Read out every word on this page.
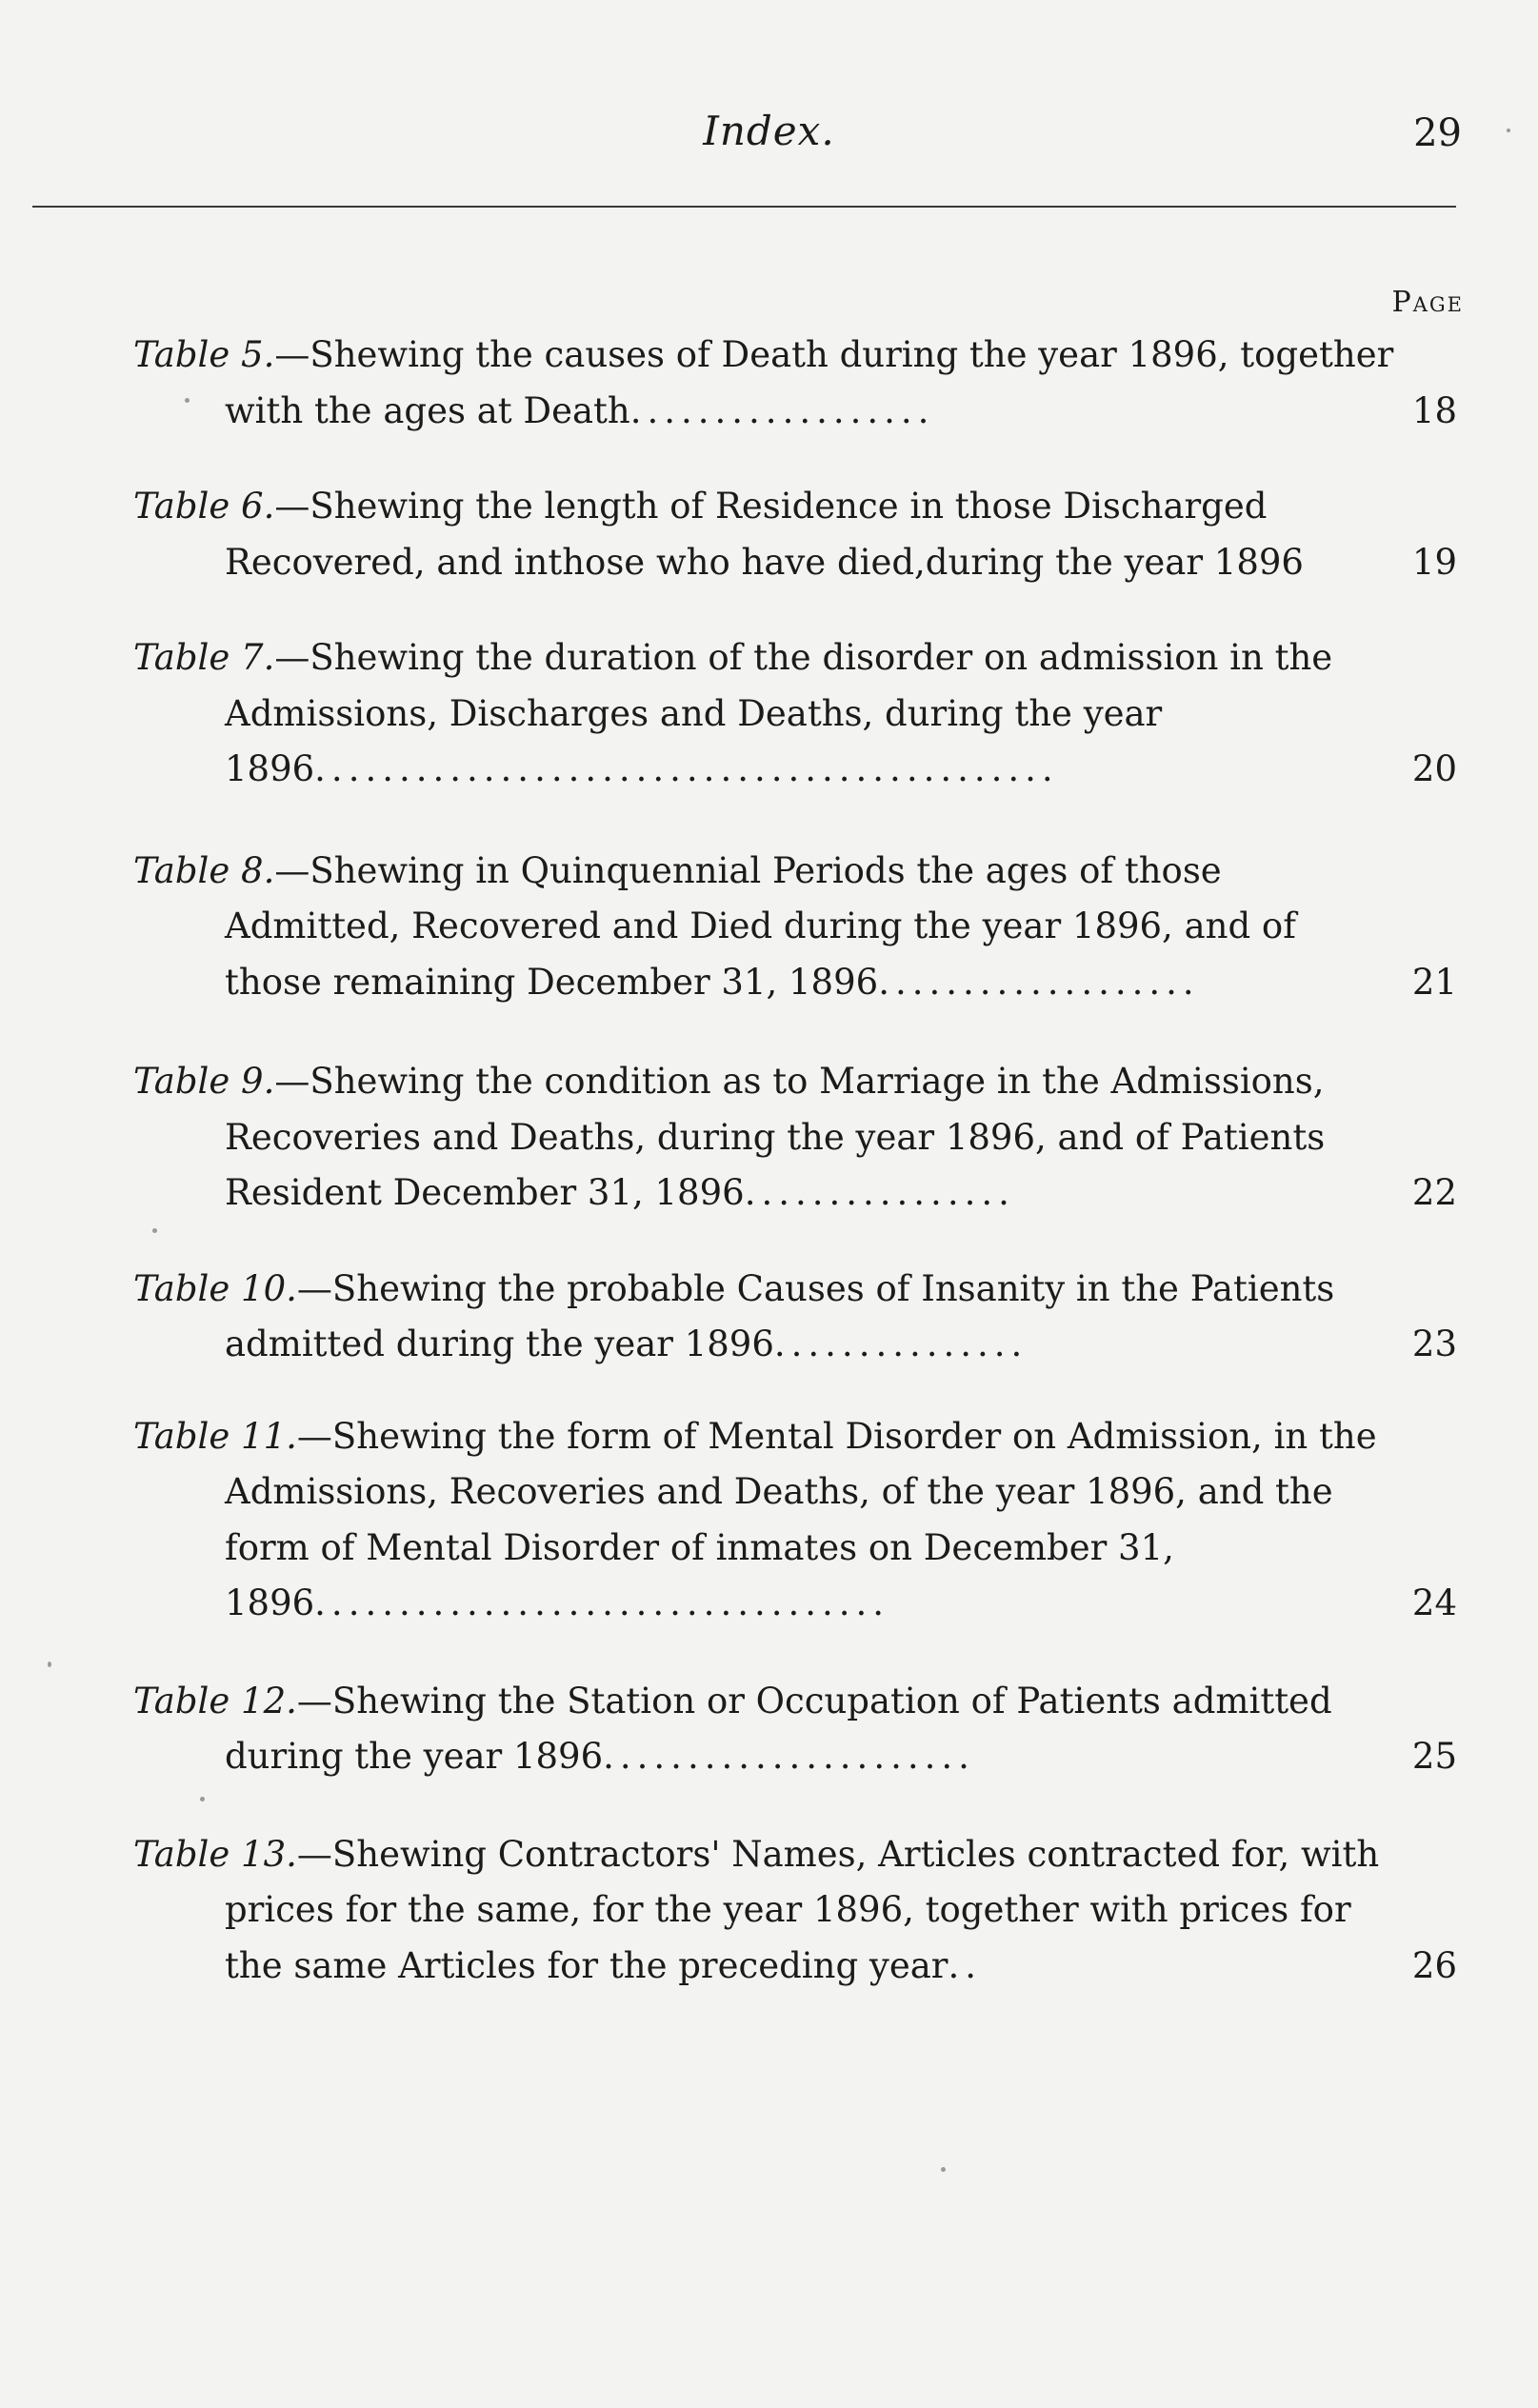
Index.	29
Page
Table 5.—Shewing the causes of Death during the year 1896, together with the ages at Death..................	18
Table 6.—Shewing the length of Residence in those Discharged Recovered, and inthose who have died,during the year 1896	19
Table 7.—Shewing the duration of the disorder on admission in the Admissions, Discharges and Deaths, during the year 1896............................................	20
Table 8.—Shewing in Quinquennial Periods the ages of those Admitted, Recovered and Died during the year 1896, and of those remaining December 31, 1896...................	21
Table 9.—Shewing the condition as to Marriage in the Admissions, Recoveries and Deaths, during the year 1896, and of Patients Resident December 31, 1896................	22
Table 10.—Shewing the probable Causes of Insanity in the Patients admitted during the year 1896...............	23
Table 11.—Shewing the form of Mental Disorder on Admission, in the Admissions, Recoveries and Deaths, of the year 1896, and the form of Mental Disorder of inmates on December 31, 1896..................................	24
Table 12.—Shewing the Station or Occupation of Patients admitted during the year 1896......................	25
Table 13.—Shewing Contractors' Names, Articles contracted for, with prices for the same, for the year 1896, together with prices for the same Articles for the preceding year..	26
